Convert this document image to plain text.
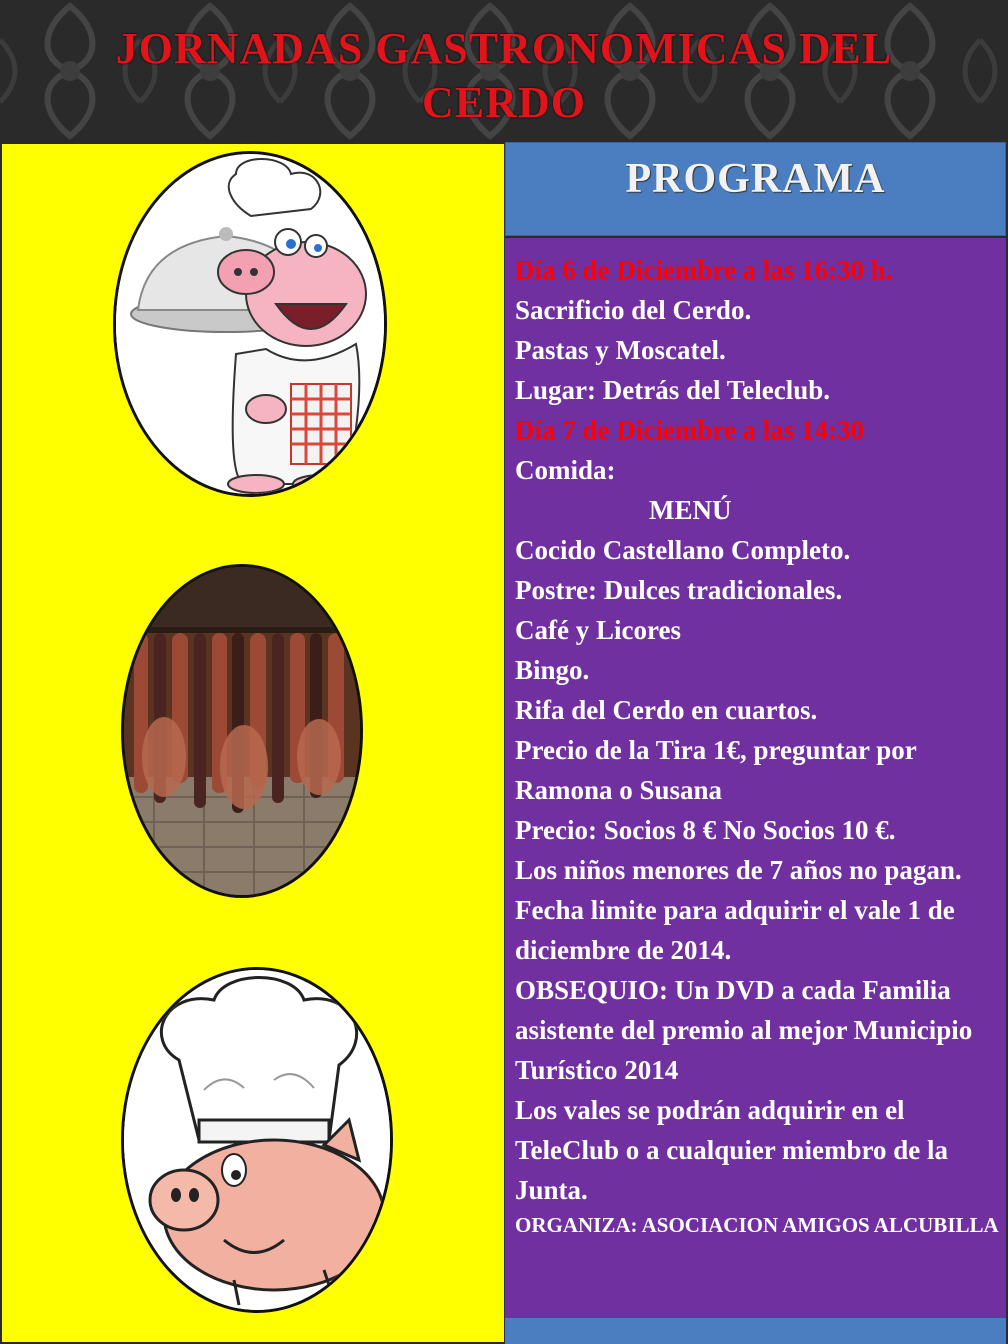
JORNADAS GASTRONOMICAS DEL
CERDO
PROGRAMA
Día 6 de Diciembre a las 16:30 h.
Sacrificio del Cerdo.
Pastas y Moscatel.
Lugar: Detrás del Teleclub.
Día 7 de Diciembre a las 14:30
Comida:
MENÚ
Cocido Castellano Completo.
Postre: Dulces tradicionales.
Café y Licores
Bingo.
Rifa del Cerdo en cuartos.
Precio de la Tira 1€, preguntar por Ramona o Susana
Precio: Socios 8 € No Socios 10 €.
Los niños menores de 7 años no pagan.
Fecha limite para adquirir el vale 1 de diciembre de 2014.
OBSEQUIO: Un DVD a cada Familia asistente del premio al mejor Municipio Turístico 2014
Los vales se podrán adquirir en el TeleClub o a cualquier miembro de la Junta.
ORGANIZA: ASOCIACION AMIGOS ALCUBILLA
